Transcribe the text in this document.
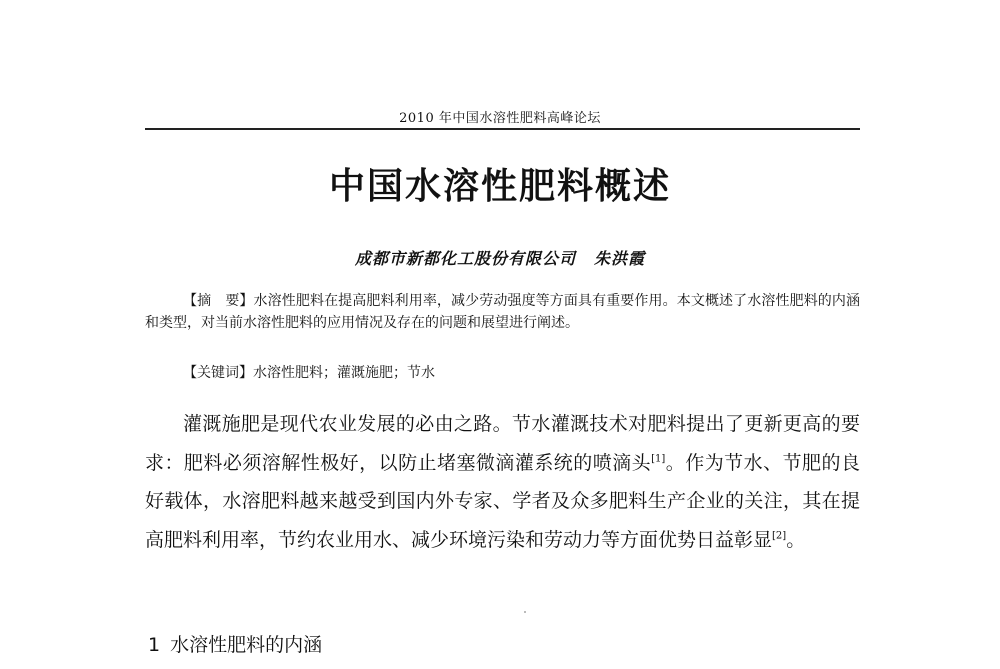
2010 年中国水溶性肥料高峰论坛
中国水溶性肥料概述
成都市新都化工股份有限公司 朱洪霞

【摘　要】水溶性肥料在提高肥料利用率，减少劳动强度等方面具有重要作用。本文概述了水溶性肥料的内涵和类型，对当前水溶性肥料的应用情况及存在的问题和展望进行阐述。

【关键词】水溶性肥料；灌溉施肥；节水

灌溉施肥是现代农业发展的必由之路。节水灌溉技术对肥料提出了更新更高的要求：肥料必须溶解性极好，以防止堵塞微滴灌系统的喷滴头[1]。作为节水、节肥的良好载体，水溶肥料越来越受到国内外专家、学者及众多肥料生产企业的关注，其在提高肥料利用率，节约农业用水、减少环境污染和劳动力等方面优势日益彰显[2]。

1 水溶性肥料的内涵
